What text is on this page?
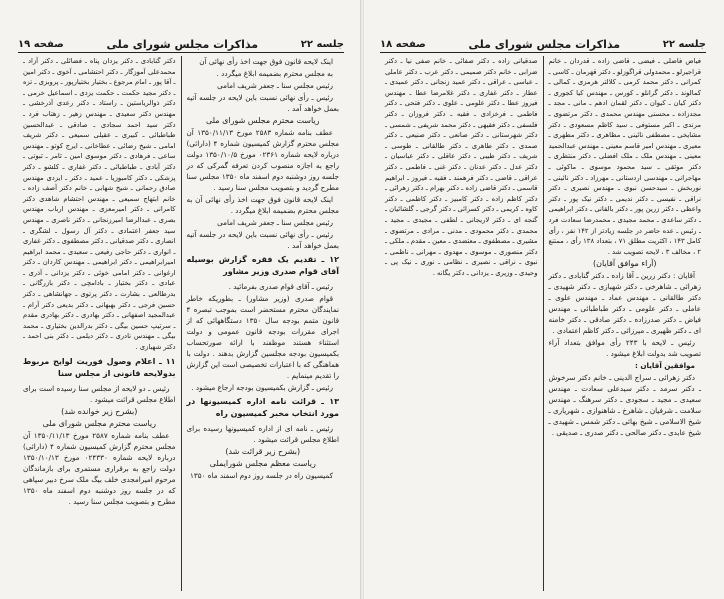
جلسه ۲۲
مذاکرات مجلس شورای ملی
صفحه ۱۹
اینک لایحه قانون فوق جهت اخذ رأی نهائی آن
به مجلس محترم بضمیمه ابلاغ میگردد .
رئیس مجلس سنا ـ جعفر شریف امامی
رئیس ـ رأی نهائی نسبت باین لایحه در جلسه آتیه بعمل خواهد آمد .
ریاست محترم مجلس شورای ملی
عطف بنامه شماره ۲۵۸۳ مورخ ۱۳۵۰/۱۱/۱۳ آن مجلس محترم گزارش کمیسیون شماره ۴ (دارائی) درباره لایحه شماره ۰۲۳۶۱ مورخ ۱۳۵۰/۱۰/۵ دولت راجع به اجازه منصوب کردن تعرفه گمرکی که در جلسه روز دوشنبه دوم اسفند ماه ۱۳۵۰ مجلس سنا مطرح گردید و بتصویب مجلس سنا رسید .
اینک لایحه قانون فوق جهت اخذ رأی نهائی آن به مجلس محترم بضمیمه ابلاغ میگردد .
رئیس مجلس سنا ـ جعفر شریف امامی
رئیس ـ رأی نهائی نسبت باین لایحه در جلسه آتیه بعمل خواهد آمد .
۱۲ ـ تقدیم یک فقره گزارش بوسیله آقای قوام صدری وزیر مشاور
رئیس ـ آقای قوام صدری بفرمائید .
قوام صدری (وزیر مشاور) ـ بطوریکه خاطر نمایندگان محترم مستحضر است بموجب تبصره ۴ قانون متمم بودجه سال ۱۳۵۰ دستگاههائی که از اجرای مقررات بودجه قانون عمومی و دولت استثناء هستند موظفند با ارائه صورتحساب بکمیسیون بودجه مجلسین گزارش بدهند . دولت با هماهنگی که با اعتبارات تخصیصی است این گزارش را تقدیم مینمایم .
رئیس ـ گزارش بکمیسیون بودجه ارجاع میشود .
۱۳ ـ قرائت نامه اداره کمیسیونها در مورد انتخاب مخبر کمیسیون راه
رئیس ـ نامه ای از اداره کمیسیونها رسیده برای اطلاع مجلس قرائت میشود .
(بشرح زیر قرائت شد)
ریاست معظم مجلس شورایملی
کمیسیون راه در جلسه روز دوم اسفند ماه ۱۳۵۰
دکتر گنابادی ـ دکتر یزدان پناه ـ فضائلی ـ دکتر آزاد ـ محمدعلی آموزگار ـ دکتر احتشامی ـ آخوی ـ دکتر امین ـ آقا پور ـ امام مرجوع ـ بختیار بختیارپور ـ پروبزی ـ تزه ـ دکتر مجید حکمت ـ حکمت یزدی ـ اسماعیل خرمی ـ دکتر ذوالریاستین ـ راستاد ـ دکتر رعدی آذرخشی ـ مهندس دکتر سعیدی ـ مهندس زهیر ـ زهتاب فرد ـ دکتر سید احمد سجادی ـ صادقی ـ عبدالحسین طباطبائی ـ کبیری ـ عقیلی سمیعی ـ دکتر شریف امامی ـ شیخ رضائی ـ عطاخانی ـ ایرج کوتو ـ مهندس ساعی ـ فرهادی ـ دکتر موسوی امین ـ ثامر ـ ثبوتی ـ دکتر آبادی ـ طباطبائی ـ دکتر غفاری ـ کلشو ـ دکتر پزشکی ـ دکتر کامبوزیا ـ عمید ـ دکتر ـ ایزدی مهندس صادق رحمانی ـ شیخ شهابی ـ خانم دکتر آصف زاده ـ خانم ابتهاج سمیعی ـ مهندس احتشام شاهدی دکتر کامرانی ـ دکتر امیرمعزی ـ مهندس ارباب مهندس بصری ـ عبدالرضا امیرزنجانی ـ دکتر ناصری ـ مهندس سید جعفر اعتمادی ـ دکتر آل رسول ـ لشگری ـ انصاری ـ دکتر صدقیانی ـ دکتر مصطفوی ـ دکتر غفاری ـ انواری ـ دکتر حاجی رفیعی ـ سعیدی ـ محمد ابراهیم امیرابراهیمی ـ دکتر ابراهیمی ـ مهندس کاردان ـ دکتر ارغوانی ـ دکتر امامی خوئی ـ دکتر یزدانی ـ آذری ـ عبادی ـ دکتر بختیار ـ بادامچی ـ دکتر بازرگانی ـ بدرطالعی ـ بشارت ـ دکتر پرتوی ـ جهانشاهی ـ دکتر حسین فرجی ـ دکتر بهبهانی ـ دکتر بدیعی دکتر آرام ـ عبدالمجید اصفهانی ـ دکتر بهادری ـ دکتر بهادری مقدم ـ سرتیپ حسین بیگی ـ دکتر بدرالدین بختیاری ـ محمد بیگی ـ مهندس نادری ـ دکتر دیلمی ـ دکتر بنی احمد ـ دکتر شهبازی .
۱۱ ـ اعلام وصول فوریت لوایح مربوط بدولایحه قانونی از مجلس سنا
رئیس ـ دو لایحه از مجلس سنا رسیده است برای اطلاع مجلس قرائت میشود .
(بشرح زیر خوانده شد)
ریاست محترم مجلس شورای ملی
عطف بنامه شماره ۲۵۸۷ مورخ ۱۳۵۰/۱۱/۱۳ آن مجلس محترم گزارش کمیسیون شماره ۴ (دارائی) درباره لایحه شماره ۰۲۴۳۳۰ مورخ ۱۳۵۰/۱۰/۱۳ دولت راجع به برقراری مستمری برای بازماندگان مرحوم امیرامجدی خلف بیگ ملک سرخ دبیر سپاهی که در جلسه روز دوشنبه دوم اسفند ماه ۱۳۵۰ مطرح و بتصویب مجلس سنا رسید .
جلسه ۲۲
مذاکرات مجلس شورای ملی
صفحه ۱۸
فیاض فاضلی ـ فیضی ـ قاضی زاده ـ قدردان ـ خاتم قراجیرلو ـ محمدولی قراگوزلو ـ دکتر قهرمان ـ کاسی ـ کمرانی ـ دکتر محمد کرمی ـ کلالتر هرمزی ـ کمالی ـ کمالوند ـ دکتر گرانلو ـ کورس ـ مهندس کیا کجوری ـ دکتر کیان ـ کیوان ـ دکتر لقمان ادهم ـ مانی ـ مجد ـ مجدزاده ـ محسنی مهندس محمدی ـ دکتر مرتضوی ـ مرندی ـ اکبر مستوفی ـ سید کاظم مسعودی ـ دکتر مشایخی ـ مصطفی نائینی ـ مظاهری ـ دکتر مطهری ـ معیری ـ مهندس امیر قاسم معینی ـ مهندس عبدالحمید معینی ـ مهندس ملک ـ ملک افضلی ـ دکتر منتظری ـ دکتر موثقی ـ سید محمود موسوی ـ ماکوئی ـ مهاجرانی ـ مهندسی اردستانی ـ مهرزاد ـ دکتر نائینی ـ نوربخش ـ سیدحسن نبوی ـ مهندس نصیری ـ دکتر نراقی ـ نفیسی ـ دکتر ندیمی ـ دکتر نیک پور ـ دکتر واعظی ـ دکتر زرین پور ـ دکتر بالقانی ـ دکتر ابراهیمی ـ دکتر ساعدی ـ محمد مجیدی ـ محمدرضا سعادت فرد ـ رئیس ـ عده حاضر در جلسه زیادتر از ۱۴۲ نفر ، رأی کامل ۱۴۳ ، اکثریت مطلق ۷۱ ، بتعداد ۱۳۸ رأی ، ممتنع ۲ ، مخالف ۳ ، لایحه تصویب شد .
(آراء موافق آقایان)
آقایان : دکتر زرین ـ آقا زاده ـ دکتر گنابادی ـ دکتر زهرائی ـ شاهرخی ـ دکتر شهبازی ـ دکتر شهیدی ـ دکتر طالقانی ـ مهندس عماد ـ مهندس علوی ـ عاملی ـ دکتر علومی ـ دکتر طباطبائی ـ مهندس فیاض ـ دکتر صدرزاده ـ دکتر صادقی ـ دکتر خامنه ای ـ دکتر ظهیری ـ میرزائی ـ دکتر کاظم اعتمادی .
رئیس ـ لایحه با ۲۴۳ رأی موافق بتعداد آراء تصویب شد بدولت ابلاغ میشود .
موافقین آقایان :
دکتر زهرائی ـ سراج الدینی ـ خانم دکتر سرخوش ـ دکتر سرمد ـ دکتر سیدعلی سعادت ـ مهندس سعیدی ـ مجید ـ سجودی ـ دکتر سرهنگ ـ مهندس سلامت ـ شرفیان ـ شاهرخ ـ شاهنوازی ـ شهریاری ـ شیخ الاسلامی ـ شیخ بهائی ـ دکتر شمس ـ شهیدی ـ شیخ عابدی ـ دکتر صالحی ـ دکتر صدری ـ صدیقی .
صدقیانی زاده ـ دکتر صفائی ـ خانم صفی نیا ـ دکتر ضرابی ـ خانم دکتر صمیمی ـ دکتر عرب ـ دکتر عاملی ـ عباسی ـ عراقی ـ دکتر عمید زنجانی ـ دکتر عمیدی ـ عطار ـ دکتر غفاری ـ دکتر غلامرضا عطا ـ مهندس فیروز عطا ـ دکتر علومی ـ علوی ـ دکتر فتحی ـ دکتر فاطمی ـ فرخزادی ـ فقیه ـ دکتر فروزان ـ دکتر فلسفی ـ دکتر فقیهی ـ دکتر محمد شریفی ـ شمسی ـ دکتر شهرستانی ـ دکتر صانعی ـ دکتر صنیعی ـ دکتر صمدی ـ دکتر طاهری ـ دکتر طالقانی ـ طوسی ـ شریف ـ دکتر طیبی ـ دکتر عاقلی ـ دکتر عباسیان ـ دکتر عدل ـ دکتر عدنان ـ دکتر غنی ـ فاطمی ـ دکتر عراقی ـ قاضی ـ دکتر فرهمند ـ فقیه ـ فیروز ـ ابراهیم قاسمی ـ دکتر قاضی زاده ـ دکتر بهرام ـ دکتر زهرائی ـ دکتر کاظم زاده ـ دکتر کامبیز ـ دکتر کاظمی ـ دکتر کاوه ـ کریمی ـ دکتر کسرائی ـ دکتر گرجی ـ گلشائیان ـ گنجه ای ـ دکتر لاریجانی ـ لطفی ـ مجیدی ـ مجید ـ محمدی ـ دکتر محمودی ـ مدنی ـ مرادی ـ مرتضوی ـ مشیری ـ مصطفوی ـ معتضدی ـ معین ـ مقدم ـ ملکی ـ دکتر منصوری ـ موسوی ـ مهدوی ـ مهرانی ـ ناظمی ـ نبوی ـ نراقی ـ نصیری ـ نظامی ـ نوری ـ نیک پی ـ وحیدی ـ وزیری ـ یزدانی ـ دکتر یگانه .
